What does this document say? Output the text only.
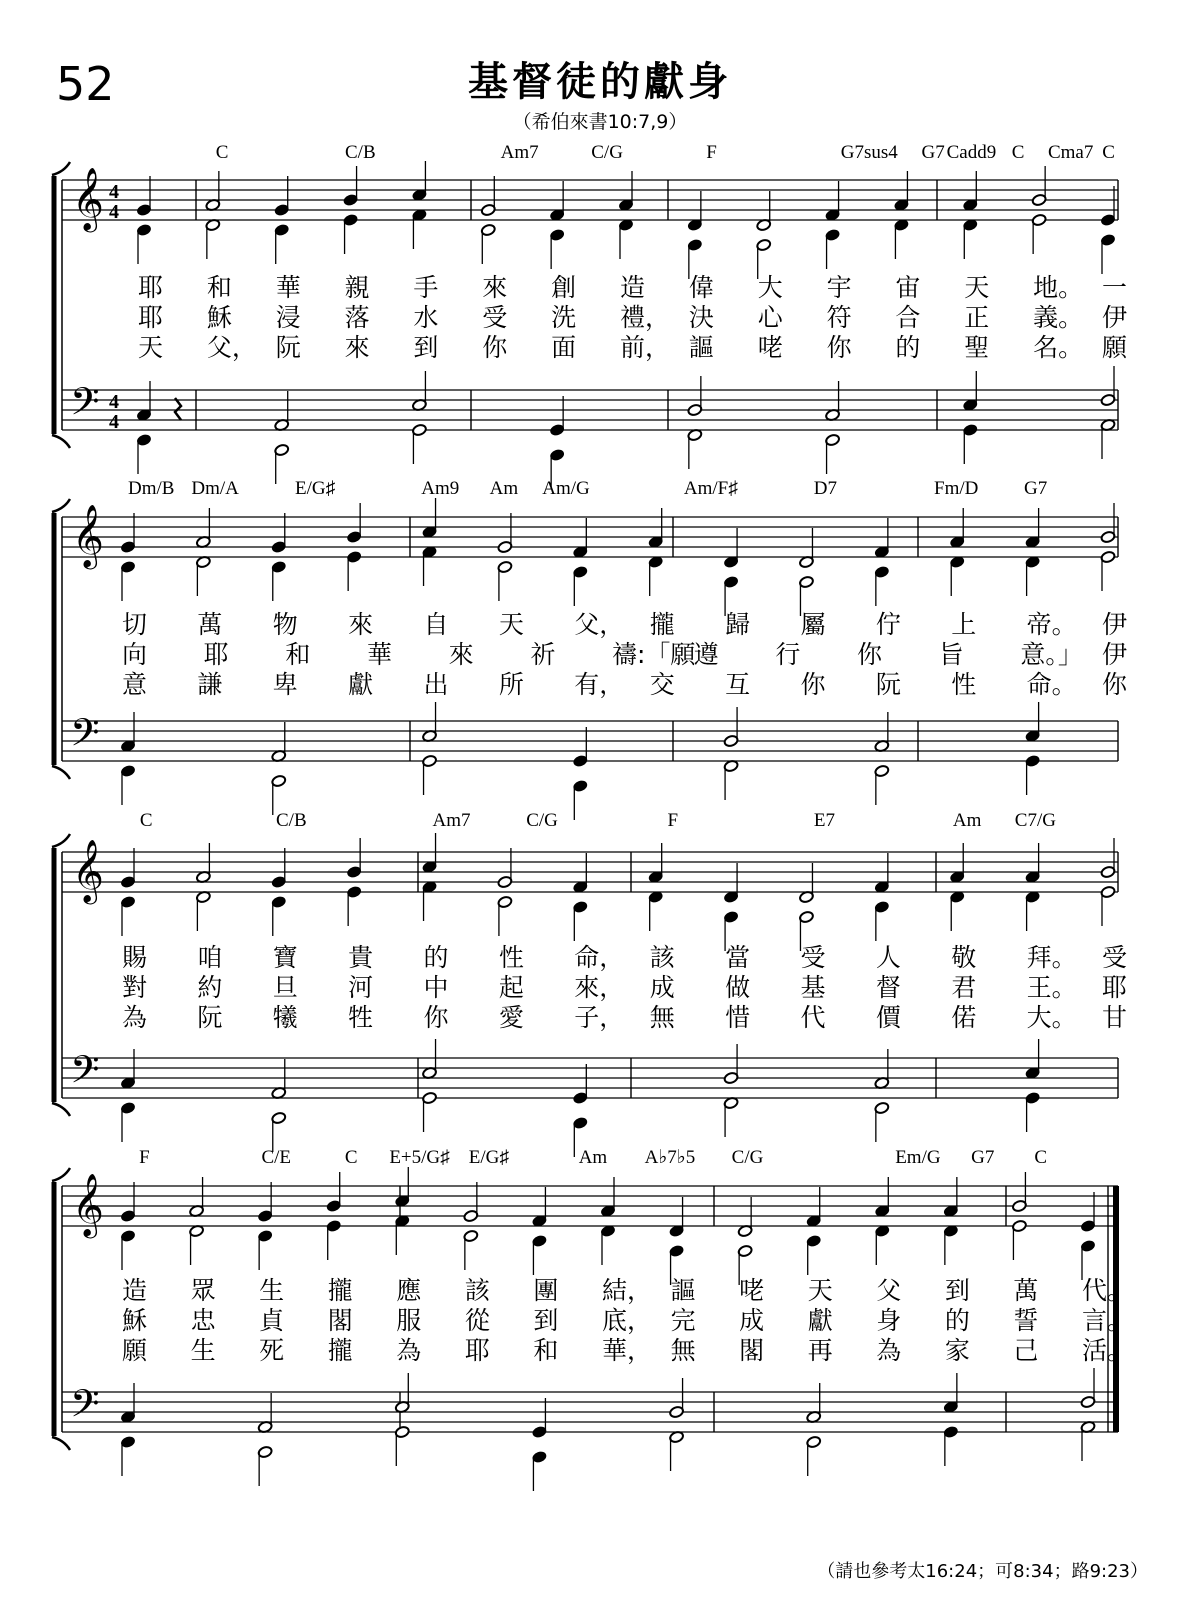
52	基督徒的獻身
（希伯來書10:7,9）
𝄞
𝄢
4
4
4
4
C	C/B	Am7	C/G	F	G7sus4 G7 Cadd9 C Cma7 C
耶 和 華 親 手 來 創 造 偉 大 宇 宙 天 地。 一
耶 穌 浸 落 水 受 洗 禮， 決 心 符 合 正 義。 伊
天 父， 阮 來 到 你 面 前， 謳 咾 你 的 聖 名。 願
𝄞
𝄢
Dm/B Dm/A	E/G♯	Am9 Am Am/G	Am/F♯	D7	Fm/D G7
切 萬 物 來 自 天 父， 攏 歸 屬 佇 上 帝。 伊
向 耶 和 華 來 祈 禱:「願
遵 行 你 旨 意。」 伊
意 謙 卑 獻 出 所 有， 交 互 你 阮 性 命。 你
𝄞
𝄢
C	C/B	Am7	C/G	F	E7	Am C7/G
賜 咱 寶 貴 的 性 命， 該 當 受 人 敬 拜。 受
對 約 旦 河 中 起 來， 成 做 基 督 君 王。 耶
為 阮 犧 牲 你 愛 子， 無 惜 代 價 偌 大。 甘
𝄞
𝄢
F	C/E	C E+5/G♯ E/G♯	Am A♭7♭5 C/G	Em/G G7 C
造 眾 生 攏 應 該 團 結， 謳 咾 天 父 到 萬 代。
穌 忠 貞 閣 服 從 到 底， 完 成 獻 身 的 誓 言。
願 生 死 攏 為 耶 和 華， 無 閣 再 為 家 己 活。
（請也參考太16:24；可8:34；路9:23）
